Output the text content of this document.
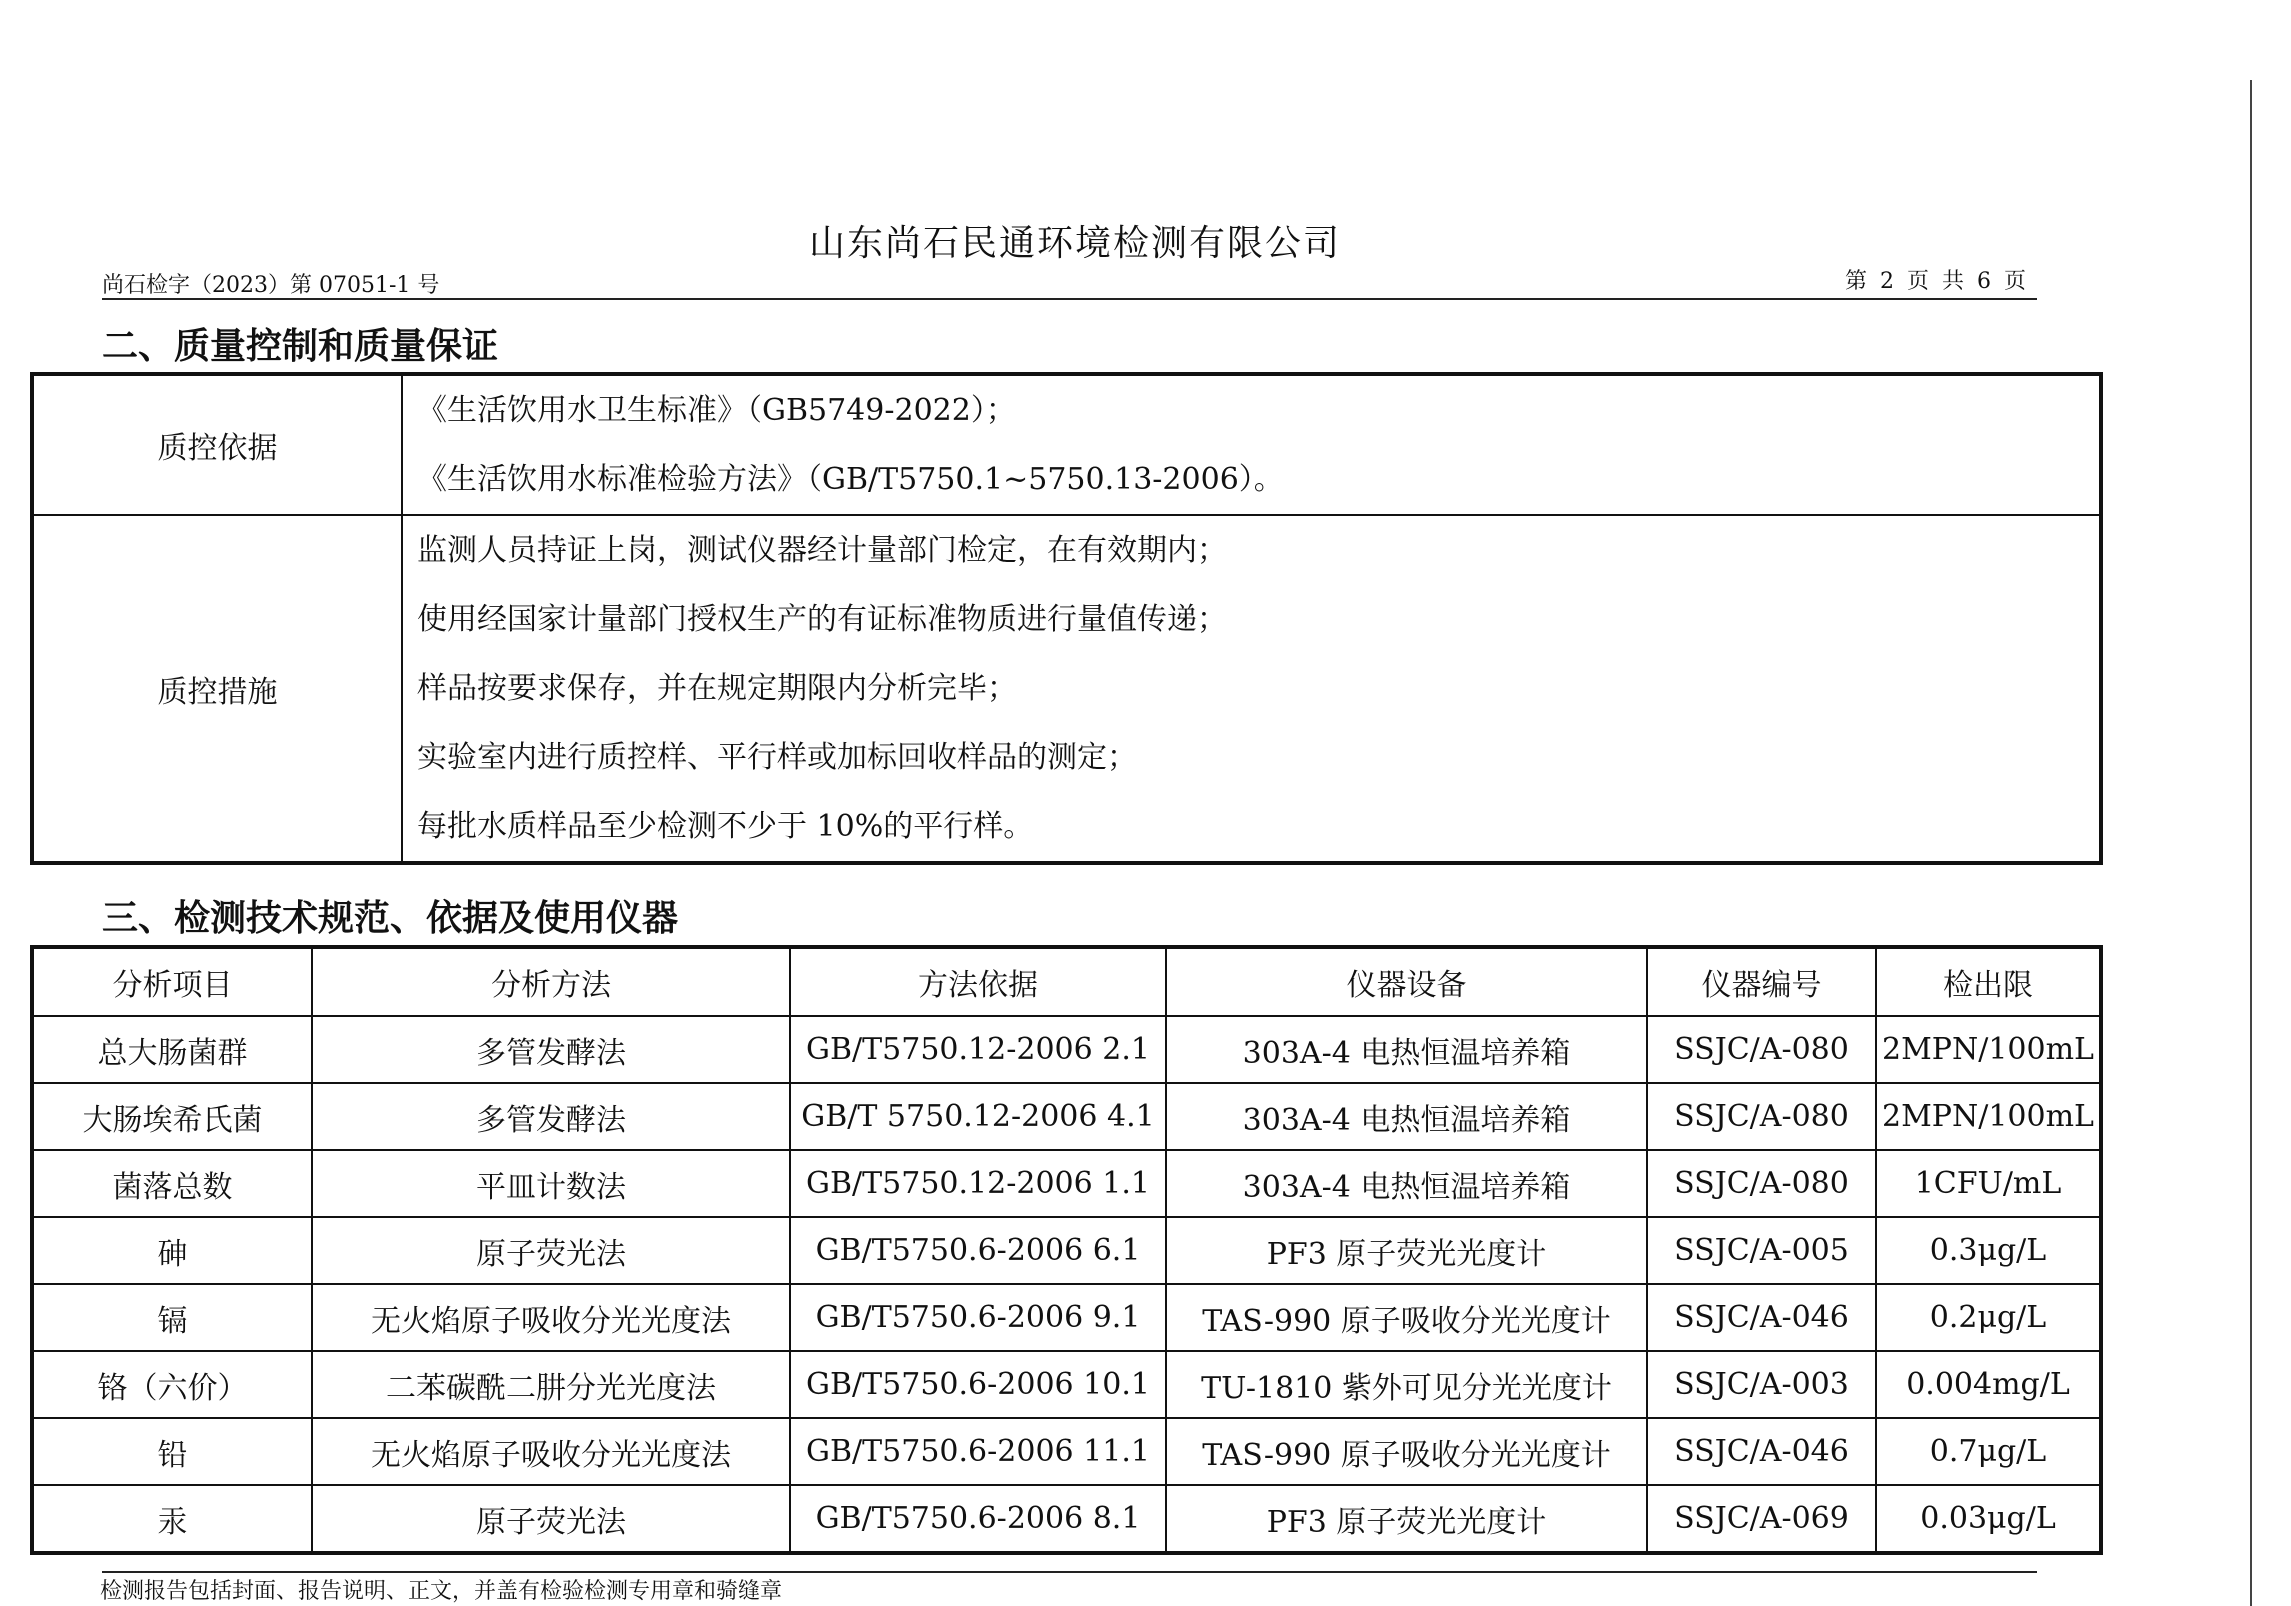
山东尚石民通环境检测有限公司
尚石检字（2023）第 07051-1 号	第 2 页 共 6 页
二、质量控制和质量保证
质控依据	《生活饮用水卫生标准》（GB5749-2022）；
《生活饮用水标准检验方法》（GB/T5750.1~5750.13-2006）。

质控措施	监测人员持证上岗，测试仪器经计量部门检定，在有效期内；
使用经国家计量部门授权生产的有证标准物质进行量值传递；
样品按要求保存，并在规定期限内分析完毕；
实验室内进行质控样、平行样或加标回收样品的测定；
每批水质样品至少检测不少于 10%的平行样。
三、检测技术规范、依据及使用仪器
分析项目	分析方法	方法依据	仪器设备	仪器编号	检出限
总大肠菌群	多管发酵法	GB/T5750.12-2006 2.1	303A-4 电热恒温培养箱	SSJC/A-080	2MPN/100mL
大肠埃希氏菌	多管发酵法	GB/T 5750.12-2006 4.1	303A-4 电热恒温培养箱	SSJC/A-080	2MPN/100mL
菌落总数	平皿计数法	GB/T5750.12-2006 1.1	303A-4 电热恒温培养箱	SSJC/A-080	1CFU/mL
砷	原子荧光法	GB/T5750.6-2006 6.1	PF3 原子荧光光度计	SSJC/A-005	0.3μg/L
镉	无火焰原子吸收分光光度法	GB/T5750.6-2006 9.1	TAS-990 原子吸收分光光度计	SSJC/A-046	0.2μg/L
铬（六价）	二苯碳酰二肼分光光度法	GB/T5750.6-2006 10.1	TU-1810 紫外可见分光光度计	SSJC/A-003	0.004mg/L
铅	无火焰原子吸收分光光度法	GB/T5750.6-2006 11.1	TAS-990 原子吸收分光光度计	SSJC/A-046	0.7μg/L
汞	原子荧光法	GB/T5750.6-2006 8.1	PF3 原子荧光光度计	SSJC/A-069	0.03μg/L
检测报告包括封面、报告说明、正文，并盖有检验检测专用章和骑缝章
